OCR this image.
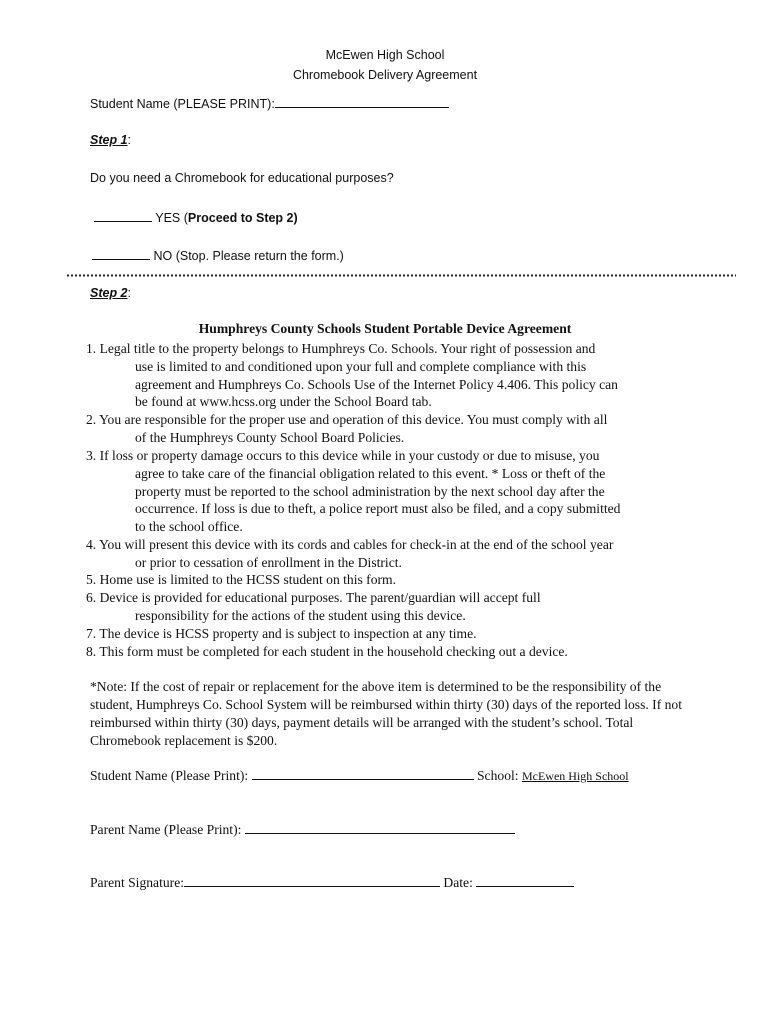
McEwen High School
Chromebook Delivery Agreement
Student Name (PLEASE PRINT):
Step 1:
Do you need a Chromebook for educational purposes?
YES (Proceed to Step 2)
NO (Stop. Please return the form.)
Step 2:
Humphreys County Schools Student Portable Device Agreement
1. Legal title to the property belongs to Humphreys Co. Schools. Your right of possession and
use is limited to and conditioned upon your full and complete compliance with this
agreement and Humphreys Co. Schools Use of the Internet Policy 4.406. This policy can
be found at www.hcss.org under the School Board tab.
2. You are responsible for the proper use and operation of this device. You must comply with all
of the Humphreys County School Board Policies.
3. If loss or property damage occurs to this device while in your custody or due to misuse, you
agree to take care of the financial obligation related to this event. * Loss or theft of the
property must be reported to the school administration by the next school day after the
occurrence. If loss is due to theft, a police report must also be filed, and a copy submitted
to the school office.
4. You will present this device with its cords and cables for check-in at the end of the school year
or prior to cessation of enrollment in the District.
5. Home use is limited to the HCSS student on this form.
6. Device is provided for educational purposes. The parent/guardian will accept full
responsibility for the actions of the student using this device.
7. The device is HCSS property and is subject to inspection at any time.
8. This form must be completed for each student in the household checking out a device.
*Note: If the cost of repair or replacement for the above item is determined to be the responsibility of the student, Humphreys Co. School System will be reimbursed within thirty (30) days of the reported loss. If not reimbursed within thirty (30) days, payment details will be arranged with the student’s school. Total Chromebook replacement is $200.
Student Name (Please Print):	School: McEwen High School
Parent Name (Please Print):
Parent Signature:	Date:
